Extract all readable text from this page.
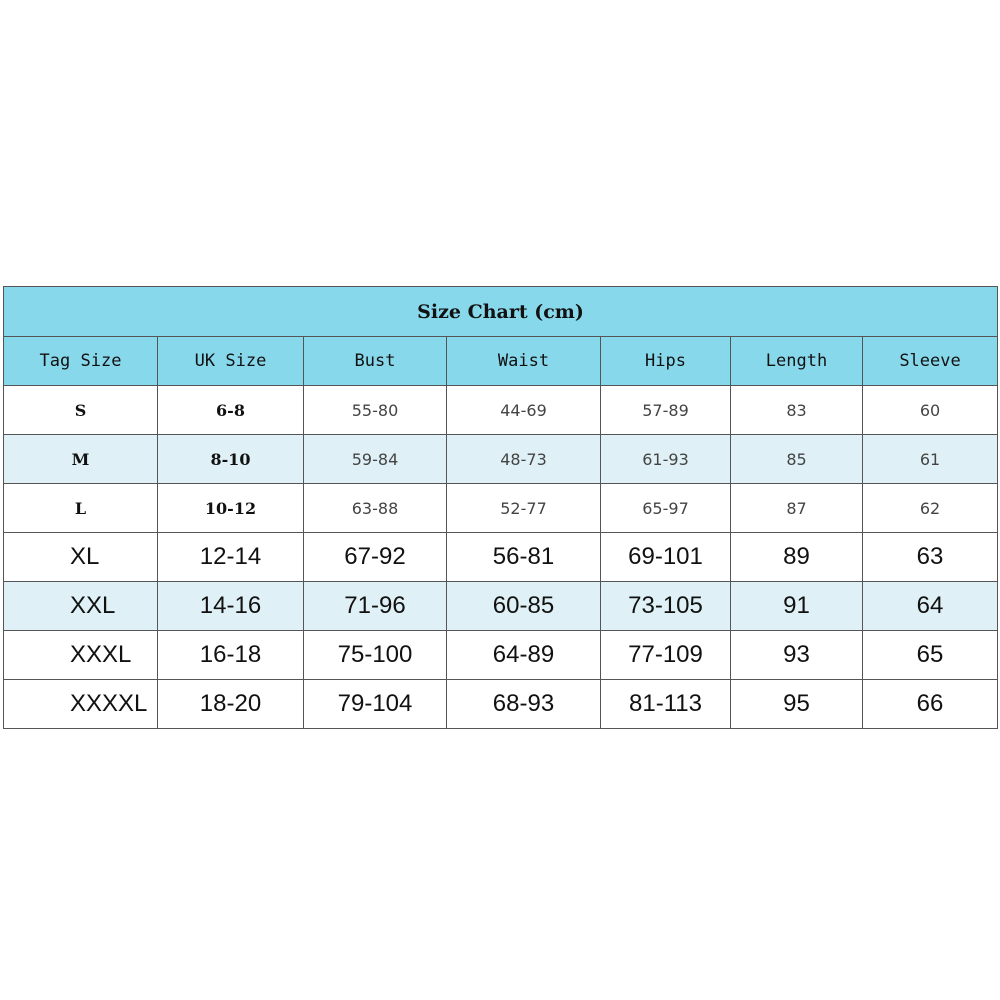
Size Chart (cm)						
Tag Size	UK Size	Bust	Waist	Hips	Length	Sleeve
S	6-8	55-80	44-69	57-89	83	60
M	8-10	59-84	48-73	61-93	85	61
L	10-12	63-88	52-77	65-97	87	62
XL	12-14	67-92	56-81	69-101	89	63
XXL	14-16	71-96	60-85	73-105	91	64
XXXL	16-18	75-100	64-89	77-109	93	65
XXXXL	18-20	79-104	68-93	81-113	95	66
